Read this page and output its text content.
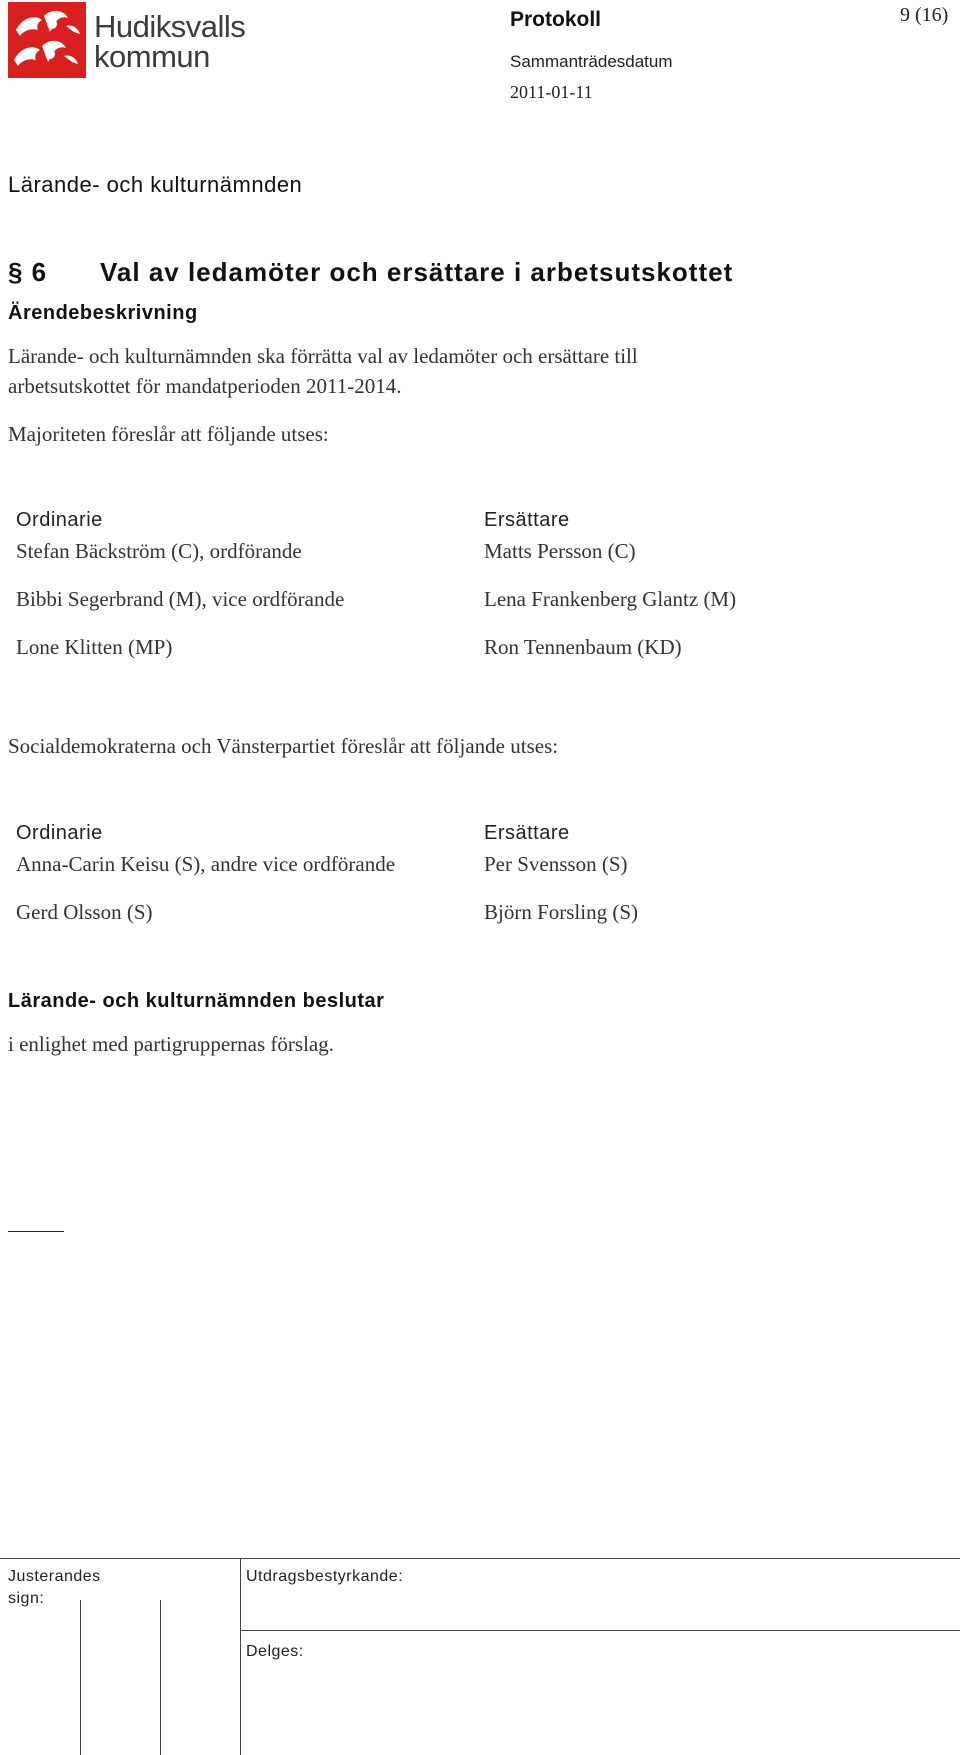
Hudiksvalls
kommun
Protokoll	9 (16)
Sammanträdesdatum
2011-01-11
Lärande- och kulturnämnden
§ 6 Val av ledamöter och ersättare i arbetsutskottet
Ärendebeskrivning
Lärande- och kulturnämnden ska förrätta val av ledamöter och ersättare till
arbetsutskottet för mandatperioden 2011-2014.
Majoriteten föreslår att följande utses:
Ordinarie	Ersättare
Stefan Bäckström (C), ordförande	Matts Persson (C)
Bibbi Segerbrand (M), vice ordförande	Lena Frankenberg Glantz (M)
Lone Klitten (MP)	Ron Tennenbaum (KD)
Socialdemokraterna och Vänsterpartiet föreslår att följande utses:
Ordinarie	Ersättare
Anna-Carin Keisu (S), andre vice ordförande	Per Svensson (S)
Gerd Olsson (S)	Björn Forsling (S)
Lärande- och kulturnämnden beslutar
i enlighet med partigruppernas förslag.
Justerandes sign:
Utdragsbestyrkande:
Delges:
